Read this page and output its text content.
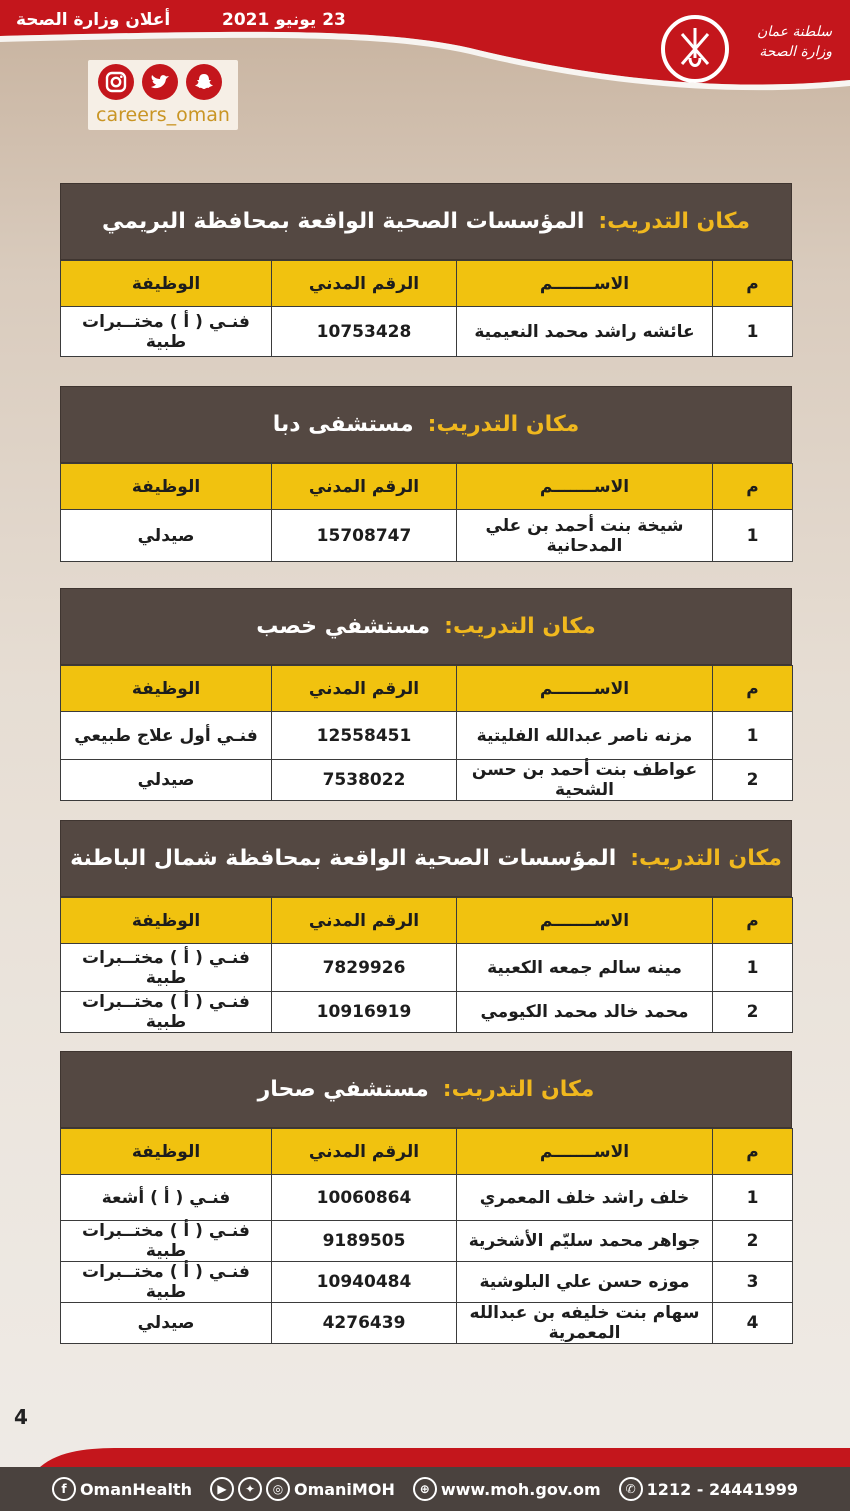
23 يونيو 2021
أعلان وزارة الصحة
سلطنة عمان وزارة الصحة
careers_oman
مكان التدريب:
المؤسسات الصحية الواقعة بمحافظة البريمي
م	الاســـــــم	الرقم المدني	الوظيفة
1	عائشه راشد محمد النعيمية	10753428	فنـي ( أ ) مختــبرات طبية
مكان التدريب:
مستشفى دبا
م	الاســـــــم	الرقم المدني	الوظيفة
1	شيخة بنت أحمد بن علي المدحانية	15708747	صيدلي
مكان التدريب:
مستشفي خصب
م	الاســـــــم	الرقم المدني	الوظيفة
1	مزنه ناصر عبدالله الفليتية	12558451	فنـي أول علاج طبيعي
2	عواطف بنت أحمد بن حسن الشحية	7538022	صيدلي
مكان التدريب:
المؤسسات الصحية الواقعة بمحافظة شمال الباطنة
م	الاســـــــم	الرقم المدني	الوظيفة
1	مينه سالم جمعه الكعبية	7829926	فنـي ( أ ) مختــبرات طبية
2	محمد خالد محمد الكيومي	10916919	فنـي ( أ ) مختــبرات طبية
مكان التدريب:
مستشفي صحار
م	الاســـــــم	الرقم المدني	الوظيفة
1	خلف راشد خلف المعمري	10060864	فنـي ( أ ) أشعة
2	جواهر محمد سليّم الأشخرية	9189505	فنـي ( أ ) مختــبرات طبية
3	موزه حسن علي البلوشية	10940484	فنـي ( أ ) مختــبرات طبية
4	سهام بنت خليفه بن عبدالله المعمرية	4276439	صيدلي
4
f OmanHealth	▶	✦	◎ OmaniMOH	⊕ www.moh.gov.om	✆ 1212 - 24441999
